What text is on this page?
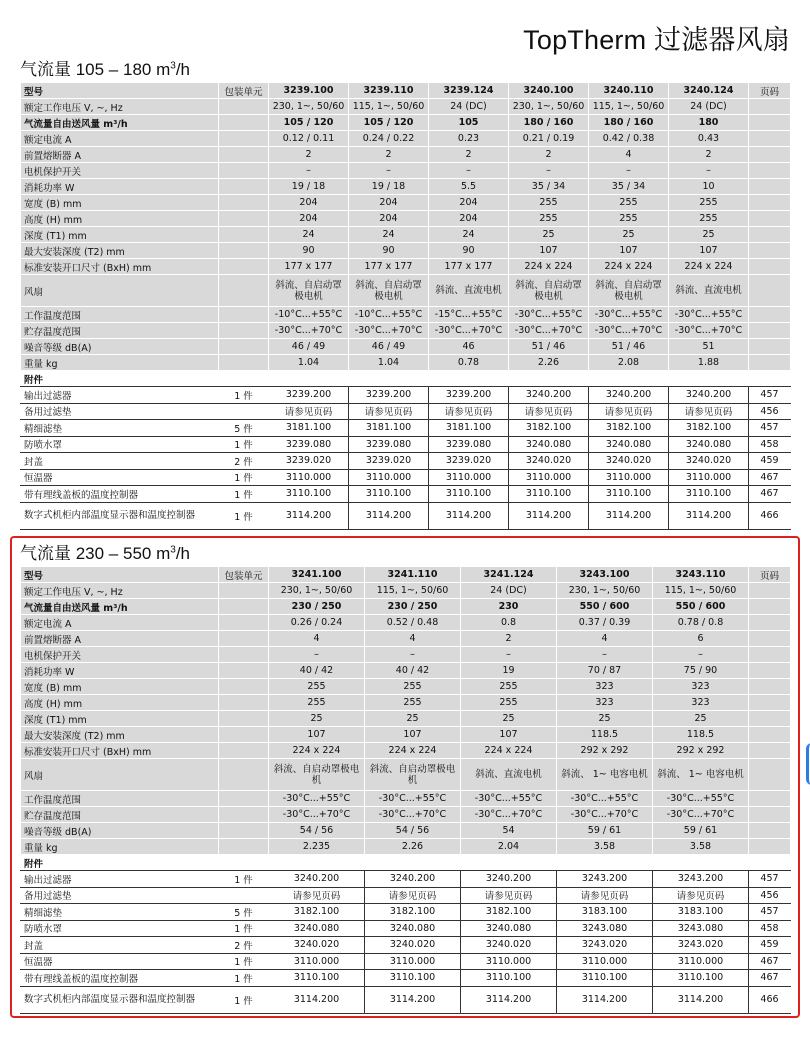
TopTherm 过滤器风扇
气流量 105 – 180 $m^3/h$
型号	包装单元	3239.100	3239.110	3239.124	3240.100	3240.110	3240.124	页码
额定工作电压 V, ~, Hz		230, 1~, 50/60	115, 1~, 50/60	24 (DC)	230, 1~, 50/60	115, 1~, 50/60	24 (DC)	
气流量自由送风量 m³/h		105 / 120	105 / 120	105	180 / 160	180 / 160	180	
额定电流 A		0.12 / 0.11	0.24 / 0.22	0.23	0.21 / 0.19	0.42 / 0.38	0.43	
前置熔断器 A		2	2	2	2	4	2	
电机保护开关		–	–	–	–	–	–	
消耗功率 W		19 / 18	19 / 18	5.5	35 / 34	35 / 34	10	
宽度 (B) mm		204	204	204	255	255	255	
高度 (H) mm		204	204	204	255	255	255	
深度 (T1) mm		24	24	24	25	25	25	
最大安装深度 (T2) mm		90	90	90	107	107	107	
标准安装开口尺寸 (BxH) mm		177 x 177	177 x 177	177 x 177	224 x 224	224 x 224	224 x 224	
风扇		斜流、自启动罩极电机	斜流、自启动罩极电机	斜流、直流电机	斜流、自启动罩极电机	斜流、自启动罩极电机	斜流、直流电机	
工作温度范围		-10°C...+55°C	-10°C...+55°C	-15°C...+55°C	-30°C...+55°C	-30°C...+55°C	-30°C...+55°C	
贮存温度范围		-30°C...+70°C	-30°C...+70°C	-30°C...+70°C	-30°C...+70°C	-30°C...+70°C	-30°C...+70°C	
噪音等级 dB(A)		46 / 49	46 / 49	46	51 / 46	51 / 46	51	
重量 kg		1.04	1.04	0.78	2.26	2.08	1.88	
附件								
输出过滤器	1 件	3239.200	3239.200	3239.200	3240.200	3240.200	3240.200	457
备用过滤垫		请参见页码	请参见页码	请参见页码	请参见页码	请参见页码	请参见页码	456
精细滤垫	5 件	3181.100	3181.100	3181.100	3182.100	3182.100	3182.100	457
防喷水罩	1 件	3239.080	3239.080	3239.080	3240.080	3240.080	3240.080	458
封盖	2 件	3239.020	3239.020	3239.020	3240.020	3240.020	3240.020	459
恒温器	1 件	3110.000	3110.000	3110.000	3110.000	3110.000	3110.000	467
带有理线盖板的温度控制器	1 件	3110.100	3110.100	3110.100	3110.100	3110.100	3110.100	467
数字式机柜内部温度显示器和温度控制器	1 件	3114.200	3114.200	3114.200	3114.200	3114.200	3114.200	466
气流量 230 – 550 $m^3/h$
型号	包装单元	3241.100	3241.110	3241.124	3243.100	3243.110	页码
额定工作电压 V, ~, Hz		230, 1~, 50/60	115, 1~, 50/60	24 (DC)	230, 1~, 50/60	115, 1~, 50/60	
气流量自由送风量 m³/h		230 / 250	230 / 250	230	550 / 600	550 / 600	
额定电流 A		0.26 / 0.24	0.52 / 0.48	0.8	0.37 / 0.39	0.78 / 0.8	
前置熔断器 A		4	4	2	4	6	
电机保护开关		–	–	–	–	–	
消耗功率 W		40 / 42	40 / 42	19	70 / 87	75 / 90	
宽度 (B) mm		255	255	255	323	323	
高度 (H) mm		255	255	255	323	323	
深度 (T1) mm		25	25	25	25	25	
最大安装深度 (T2) mm		107	107	107	118.5	118.5	
标准安装开口尺寸 (BxH) mm		224 x 224	224 x 224	224 x 224	292 x 292	292 x 292	
风扇		斜流、自启动罩极电机	斜流、自启动罩极电机	斜流、直流电机	斜流、 1~ 电容电机	斜流、 1~ 电容电机	
工作温度范围		-30°C...+55°C	-30°C...+55°C	-30°C...+55°C	-30°C...+55°C	-30°C...+55°C	
贮存温度范围		-30°C...+70°C	-30°C...+70°C	-30°C...+70°C	-30°C...+70°C	-30°C...+70°C	
噪音等级 dB(A)		54 / 56	54 / 56	54	59 / 61	59 / 61	
重量 kg		2.235	2.26	2.04	3.58	3.58	
附件							
输出过滤器	1 件	3240.200	3240.200	3240.200	3243.200	3243.200	457
备用过滤垫		请参见页码	请参见页码	请参见页码	请参见页码	请参见页码	456
精细滤垫	5 件	3182.100	3182.100	3182.100	3183.100	3183.100	457
防喷水罩	1 件	3240.080	3240.080	3240.080	3243.080	3243.080	458
封盖	2 件	3240.020	3240.020	3240.020	3243.020	3243.020	459
恒温器	1 件	3110.000	3110.000	3110.000	3110.000	3110.000	467
带有理线盖板的温度控制器	1 件	3110.100	3110.100	3110.100	3110.100	3110.100	467
数字式机柜内部温度显示器和温度控制器	1 件	3114.200	3114.200	3114.200	3114.200	3114.200	466
